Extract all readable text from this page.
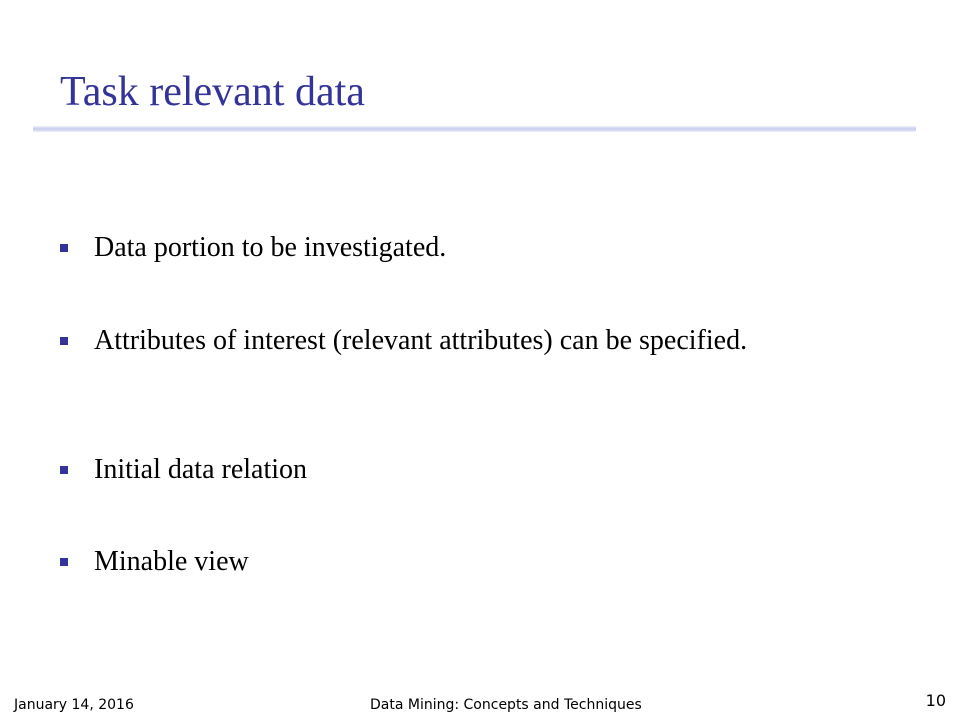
Task relevant data
Data portion to be investigated.
Attributes of interest (relevant attributes) can be specified.
Initial data relation
Minable view
January 14, 2016	Data Mining: Concepts and Techniques	10
